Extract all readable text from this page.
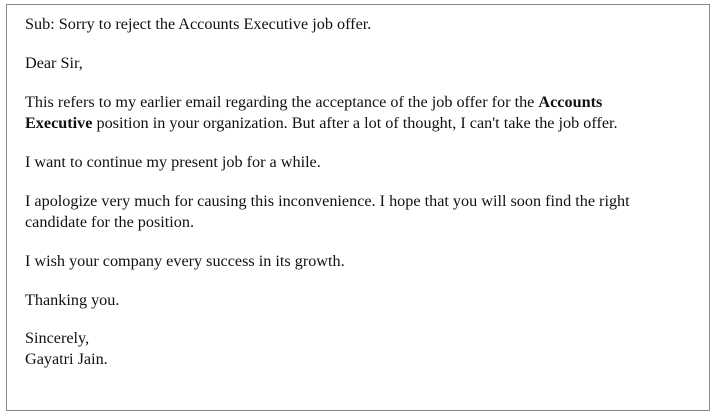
Sub: Sorry to reject the Accounts Executive job offer.

Dear Sir,

This refers to my earlier email regarding the acceptance of the job offer for the Accounts

Executive position in your organization. But after a lot of thought, I can't take the job offer.

I want to continue my present job for a while.

I apologize very much for causing this inconvenience. I hope that you will soon find the right

candidate for the position.

I wish your company every success in its growth.

Thanking you.

Sincerely,

Gayatri Jain.
